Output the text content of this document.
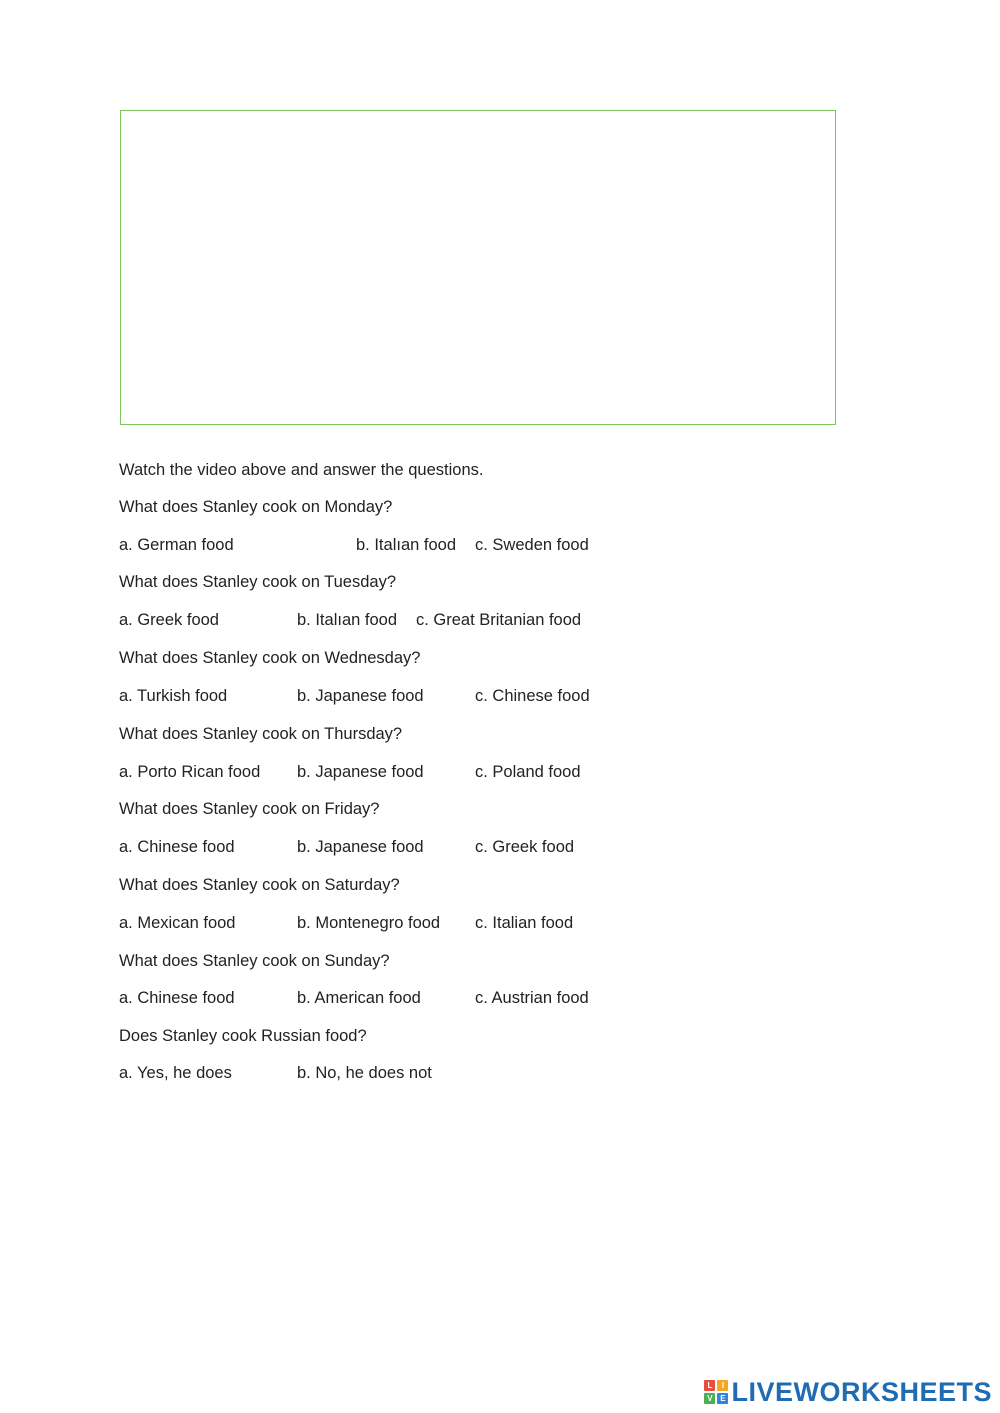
Watch the video above and answer the questions.
What does Stanley cook on Monday?
a. German food	b. Italıan food c. Sweden food
What does Stanley cook on Tuesday?
a. Greek food	b. Italıan food c. Great Britanian food
What does Stanley cook on Wednesday?
a. Turkish food	b. Japanese food	c. Chinese food
What does Stanley cook on Thursday?
a. Porto Rican food b. Japanese food	c. Poland food
What does Stanley cook on Friday?
a. Chinese food	b. Japanese food	c. Greek food
What does Stanley cook on Saturday?
a. Mexican food	b. Montenegro food c. Italian food
What does Stanley cook on Sunday?
a. Chinese food	b. American food	c. Austrian food
Does Stanley cook Russian food?
a. Yes, he does	b. No, he does not
L	I
V E LIVEWORKSHEETS
